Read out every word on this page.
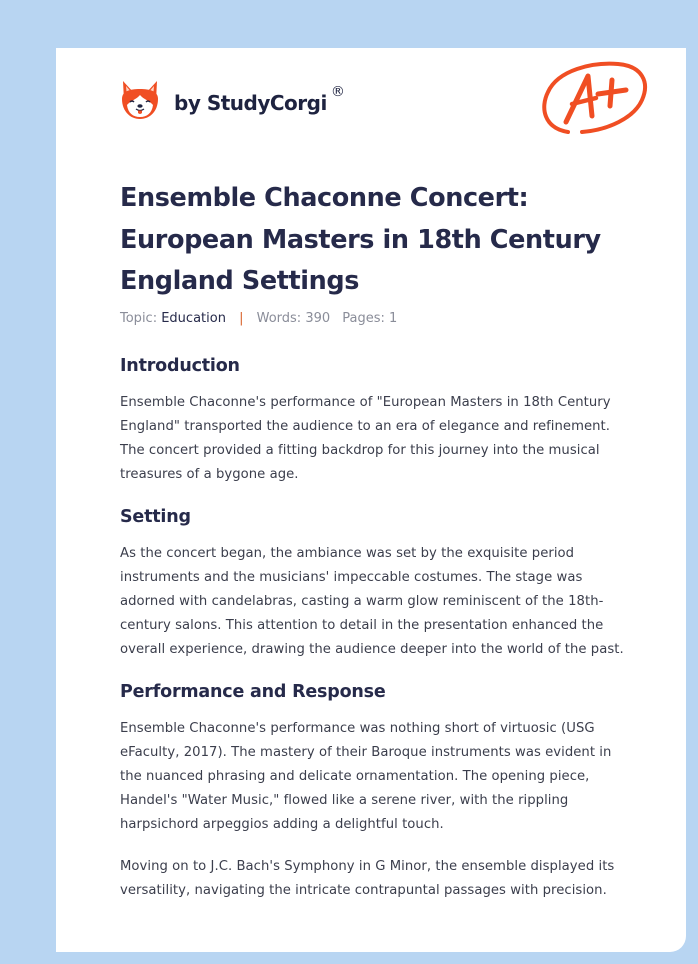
by StudyCorgi ®
Ensemble Chaconne Concert: European Masters in 18th Century England Settings
Topic: Education | Words: 390 Pages: 1
Introduction

Ensemble Chaconne's performance of "European Masters in 18th Century England" transported the audience to an era of elegance and refinement. The concert provided a fitting backdrop for this journey into the musical treasures of a bygone age.

Setting

As the concert began, the ambiance was set by the exquisite period instruments and the musicians' impeccable costumes. The stage was adorned with candelabras, casting a warm glow reminiscent of the 18th-century salons. This attention to detail in the presentation enhanced the overall experience, drawing the audience deeper into the world of the past.

Performance and Response

Ensemble Chaconne's performance was nothing short of virtuosic (USG eFaculty, 2017). The mastery of their Baroque instruments was evident in the nuanced phrasing and delicate ornamentation. The opening piece, Handel's "Water Music," flowed like a serene river, with the rippling harpsichord arpeggios adding a delightful touch.

Moving on to J.C. Bach's Symphony in G Minor, the ensemble displayed its versatility, navigating the intricate contrapuntal passages with precision.
